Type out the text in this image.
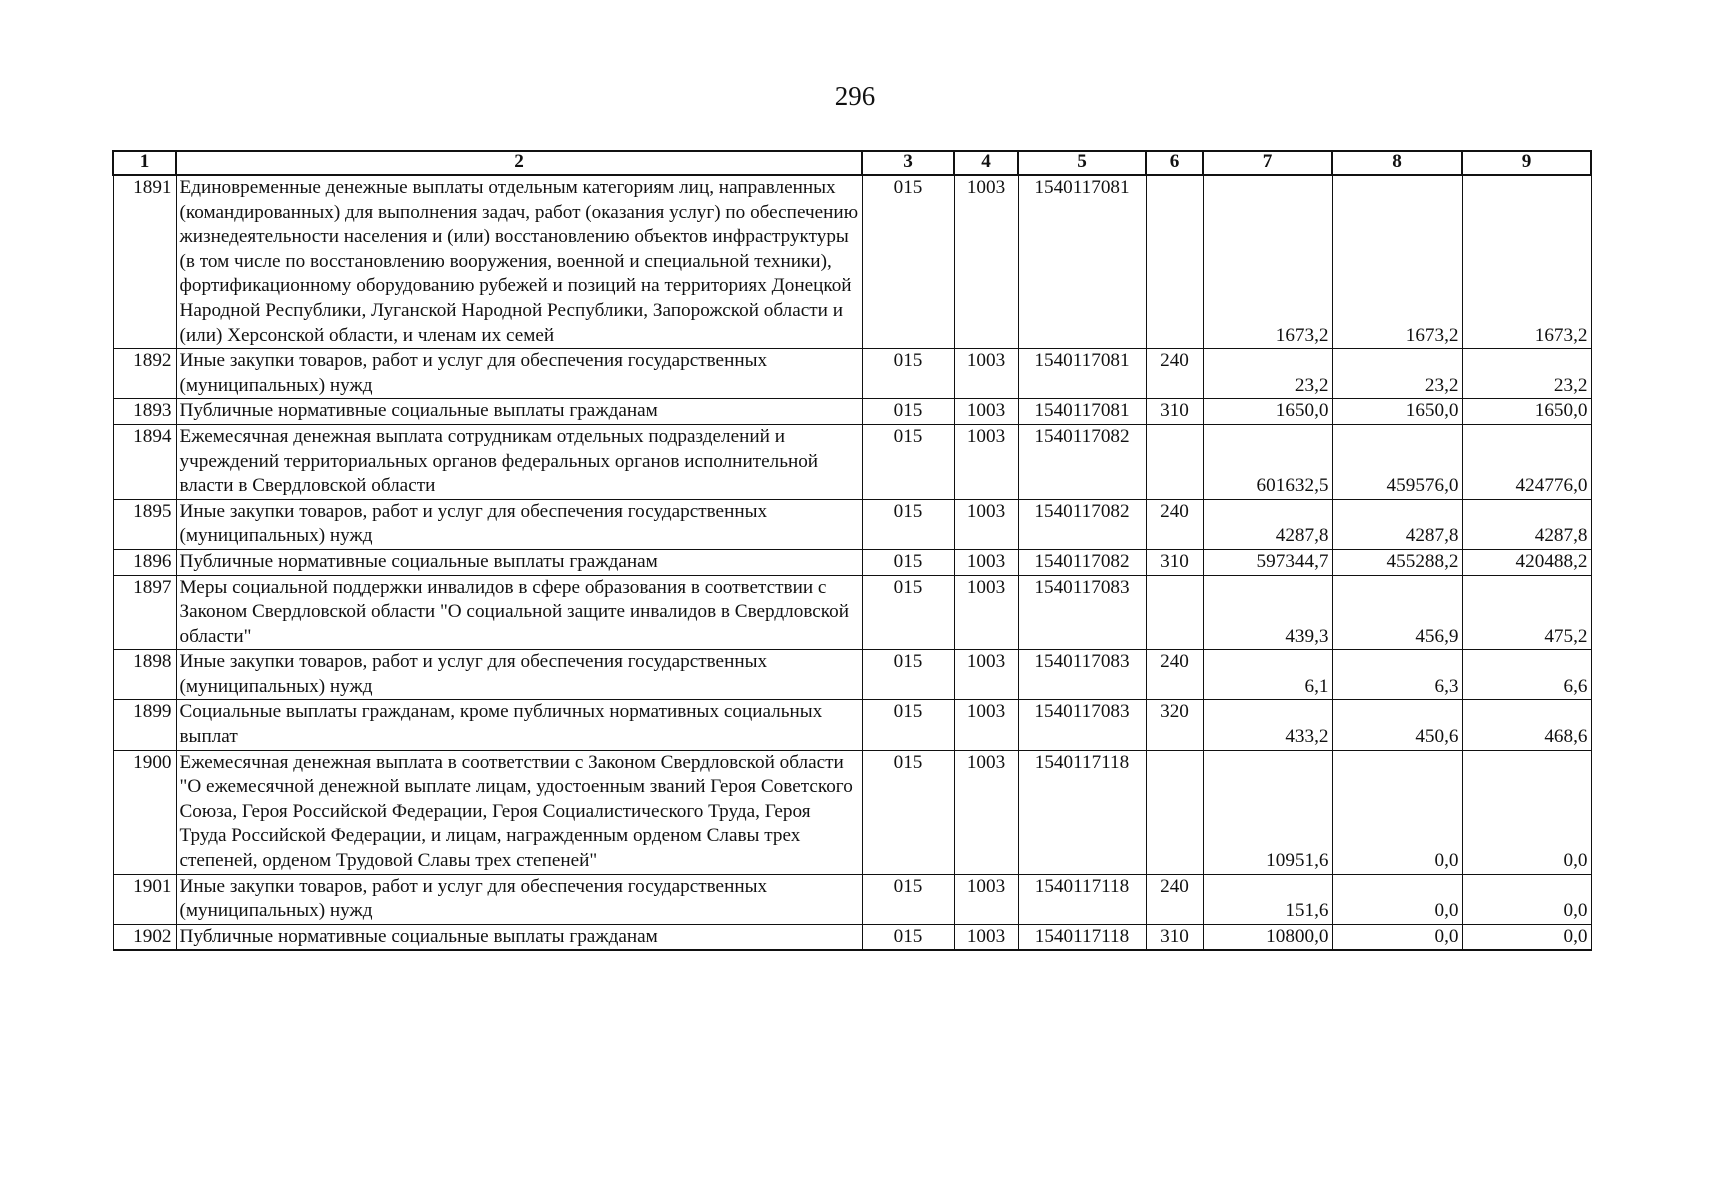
296
1	2	3	4	5	6	7	8	9
1891	Единовременные денежные выплаты отдельным категориям лиц, направленных (командированных) для выполнения задач, работ (оказания услуг) по обеспечению жизнедеятельности населения и (или) восстановлению объектов инфраструктуры (в том числе по восстановлению вооружения, военной и специальной техники), фортификационному оборудованию рубежей и позиций на территориях Донецкой Народной Республики, Луганской Народной Республики, Запорожской области и (или) Херсонской области, и членам их семей	015	1003	1540117081		1673,2	1673,2	1673,2
1892	Иные закупки товаров, работ и услуг для обеспечения государственных (муниципальных) нужд	015	1003	1540117081	240	23,2	23,2	23,2
1893	Публичные нормативные социальные выплаты гражданам	015	1003	1540117081	310	1650,0	1650,0	1650,0
1894	Ежемесячная денежная выплата сотрудникам отдельных подразделений и учреждений территориальных органов федеральных органов исполнительной власти в Свердловской области	015	1003	1540117082		601632,5	459576,0	424776,0
1895	Иные закупки товаров, работ и услуг для обеспечения государственных (муниципальных) нужд	015	1003	1540117082	240	4287,8	4287,8	4287,8
1896	Публичные нормативные социальные выплаты гражданам	015	1003	1540117082	310	597344,7	455288,2	420488,2
1897	Меры социальной поддержки инвалидов в сфере образования в соответствии с Законом Свердловской области "О социальной защите инвалидов в Свердловской области"	015	1003	1540117083		439,3	456,9	475,2
1898	Иные закупки товаров, работ и услуг для обеспечения государственных (муниципальных) нужд	015	1003	1540117083	240	6,1	6,3	6,6
1899	Социальные выплаты гражданам, кроме публичных нормативных социальных выплат	015	1003	1540117083	320	433,2	450,6	468,6
1900	Ежемесячная денежная выплата в соответствии с Законом Свердловской области "О ежемесячной денежной выплате лицам, удостоенным званий Героя Советского Союза, Героя Российской Федерации, Героя Социалистического Труда, Героя Труда Российской Федерации, и лицам, награжденным орденом Славы трех степеней, орденом Трудовой Славы трех степеней"	015	1003	1540117118		10951,6	0,0	0,0
1901	Иные закупки товаров, работ и услуг для обеспечения государственных (муниципальных) нужд	015	1003	1540117118	240	151,6	0,0	0,0
1902	Публичные нормативные социальные выплаты гражданам	015	1003	1540117118	310	10800,0	0,0	0,0
